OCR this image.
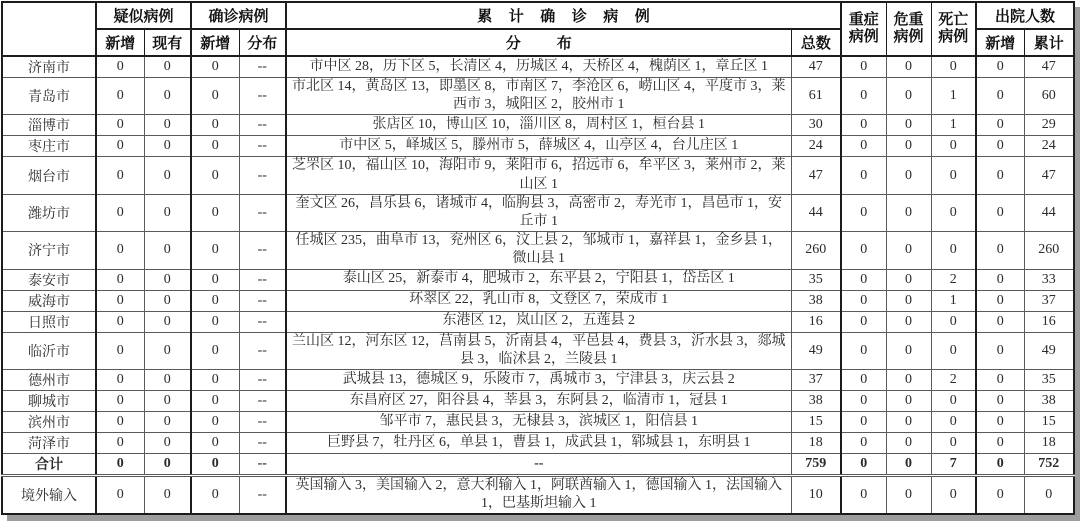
	疑似病例		确诊病例		累计确诊病例		重症病例	危重病例	死亡病例	出院人数	
	新增	现有	新增	分布	分布	总数				新增	累计
济南市	0	0	0	--	市中区 28，历下区 5，长清区 4，历城区 4，天桥区 4，槐荫区 1，章丘区 1	47	0	0	0	0	47
青岛市	0	0	0	--	市北区 14，黄岛区 13，即墨区 8，市南区 7，李沧区 6，崂山区 4，平度市 3，莱西市 3，城阳区 2，胶州市 1	61	0	0	1	0	60
淄博市	0	0	0	--	张店区 10，博山区 10，淄川区 8，周村区 1，桓台县 1	30	0	0	1	0	29
枣庄市	0	0	0	--	市中区 5，峄城区 5，滕州市 5，薛城区 4，山亭区 4，台儿庄区 1	24	0	0	0	0	24
烟台市	0	0	0	--	芝罘区 10，福山区 10，海阳市 9，莱阳市 6，招远市 6，牟平区 3，莱州市 2，莱山区 1	47	0	0	0	0	47
潍坊市	0	0	0	--	奎文区 26，昌乐县 6，诸城市 4，临朐县 3，高密市 2，寿光市 1，昌邑市 1，安丘市 1	44	0	0	0	0	44
济宁市	0	0	0	--	任城区 235，曲阜市 13，兖州区 6，汶上县 2，邹城市 1，嘉祥县 1，金乡县 1，微山县 1	260	0	0	0	0	260
泰安市	0	0	0	--	泰山区 25，新泰市 4，肥城市 2，东平县 2，宁阳县 1，岱岳区 1	35	0	0	2	0	33
威海市	0	0	0	--	环翠区 22，乳山市 8，文登区 7，荣成市 1	38	0	0	1	0	37
日照市	0	0	0	--	东港区 12，岚山区 2，五莲县 2	16	0	0	0	0	16
临沂市	0	0	0	--	兰山区 12，河东区 12，莒南县 5，沂南县 4，平邑县 4，费县 3，沂水县 3，郯城县 3，临沭县 2，兰陵县 1	49	0	0	0	0	49
德州市	0	0	0	--	武城县 13，德城区 9，乐陵市 7，禹城市 3，宁津县 3，庆云县 2	37	0	0	2	0	35
聊城市	0	0	0	--	东昌府区 27，阳谷县 4，莘县 3，东阿县 2，临清市 1，冠县 1	38	0	0	0	0	38
滨州市	0	0	0	--	邹平市 7，惠民县 3，无棣县 3，滨城区 1，阳信县 1	15	0	0	0	0	15
菏泽市	0	0	0	--	巨野县 7，牡丹区 6，单县 1，曹县 1，成武县 1，郓城县 1，东明县 1	18	0	0	0	0	18
合计	0	0	0	--	--	759	0	0	7	0	752
境外输入	0	0	0	--	英国输入 3，美国输入 2，意大利输入 1，阿联酋输入 1，德国输入 1，法国输入 1，巴基斯坦输入 1	10	0	0	0	0	0
